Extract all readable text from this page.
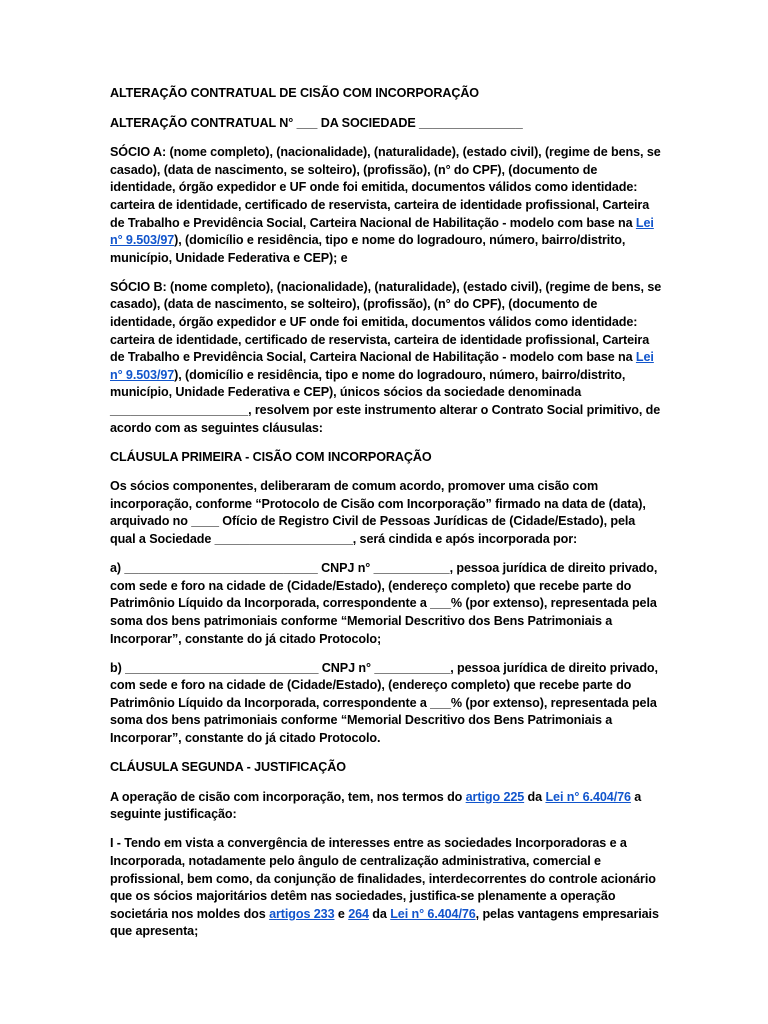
ALTERAÇÃO CONTRATUAL DE CISÃO COM INCORPORAÇÃO

ALTERAÇÃO CONTRATUAL N° ___ DA SOCIEDADE _______________

SÓCIO A: (nome completo), (nacionalidade), (naturalidade), (estado civil), (regime de bens, se casado), (data de nascimento, se solteiro), (profissão), (n° do CPF), (documento de identidade, órgão expedidor e UF onde foi emitida, documentos válidos como identidade: carteira de identidade, certificado de reservista, carteira de identidade profissional, Carteira de Trabalho e Previdência Social, Carteira Nacional de Habilitação - modelo com base na Lei n° 9.503/97), (domicílio e residência, tipo e nome do logradouro, número, bairro/distrito, município, Unidade Federativa e CEP); e

SÓCIO B: (nome completo), (nacionalidade), (naturalidade), (estado civil), (regime de bens, se casado), (data de nascimento, se solteiro), (profissão), (n° do CPF), (documento de identidade, órgão expedidor e UF onde foi emitida, documentos válidos como identidade: carteira de identidade, certificado de reservista, carteira de identidade profissional, Carteira de Trabalho e Previdência Social, Carteira Nacional de Habilitação - modelo com base na Lei n° 9.503/97), (domicílio e residência, tipo e nome do logradouro, número, bairro/distrito, município, Unidade Federativa e CEP), únicos sócios da sociedade denominada ____________________, resolvem por este instrumento alterar o Contrato Social primitivo, de acordo com as seguintes cláusulas:

CLÁUSULA PRIMEIRA - CISÃO COM INCORPORAÇÃO

Os sócios componentes, deliberaram de comum acordo, promover uma cisão com incorporação, conforme “Protocolo de Cisão com Incorporação” firmado na data de (data), arquivado no ____ Ofício de Registro Civil de Pessoas Jurídicas de (Cidade/Estado), pela qual a Sociedade ____________________, será cindida e após incorporada por:

a) ____________________________ CNPJ n° ___________, pessoa jurídica de direito privado, com sede e foro na cidade de (Cidade/Estado), (endereço completo) que recebe parte do Patrimônio Líquido da Incorporada, correspondente a ___% (por extenso), representada pela soma dos bens patrimoniais conforme “Memorial Descritivo dos Bens Patrimoniais a Incorporar”, constante do já citado Protocolo;

b) ____________________________ CNPJ n° ___________, pessoa jurídica de direito privado, com sede e foro na cidade de (Cidade/Estado), (endereço completo) que recebe parte do Patrimônio Líquido da Incorporada, correspondente a ___% (por extenso), representada pela soma dos bens patrimoniais conforme “Memorial Descritivo dos Bens Patrimoniais a Incorporar”, constante do já citado Protocolo.

CLÁUSULA SEGUNDA - JUSTIFICAÇÃO

A operação de cisão com incorporação, tem, nos termos do artigo 225 da Lei n° 6.404/76 a seguinte justificação:

I - Tendo em vista a convergência de interesses entre as sociedades Incorporadoras e a Incorporada, notadamente pelo ângulo de centralização administrativa, comercial e profissional, bem como, da conjunção de finalidades, interdecorrentes do controle acionário que os sócios majoritários detêm nas sociedades, justifica-se plenamente a operação societária nos moldes dos artigos 233 e 264 da Lei n° 6.404/76, pelas vantagens empresariais que apresenta;
